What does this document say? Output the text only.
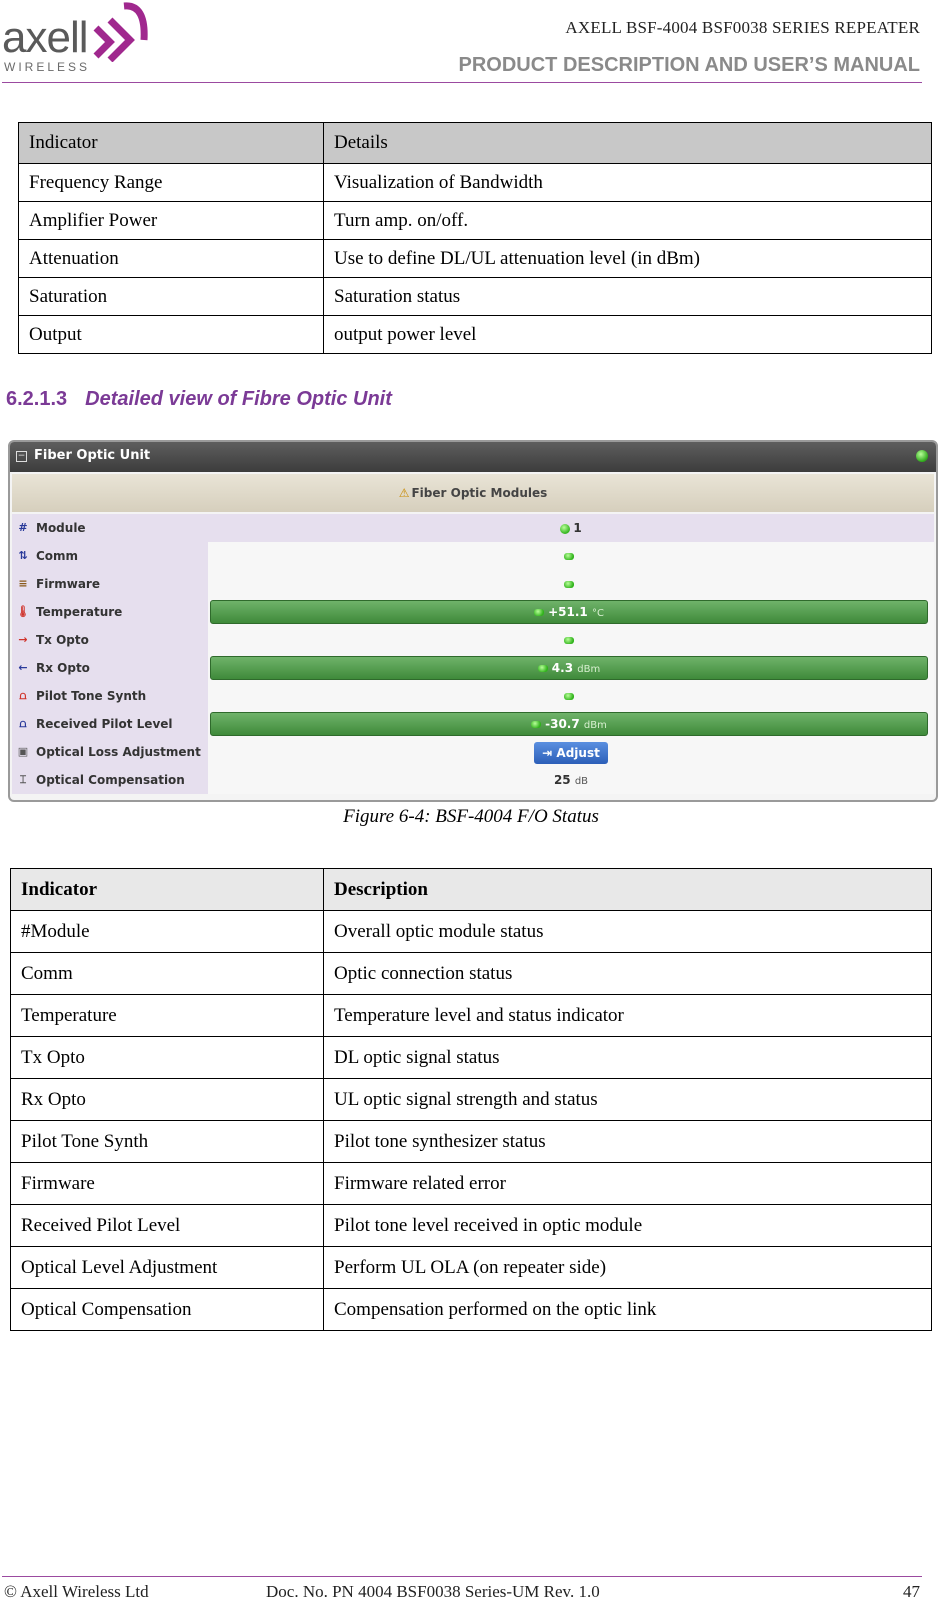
axell
WIRELESS
AXELL BSF-4004 BSF0038 SERIES REPEATER
PRODUCT DESCRIPTION AND USER’S MANUAL
Indicator	Details
Frequency Range	Visualization of Bandwidth
Amplifier Power	Turn amp. on/off.
Attenuation	Use to define DL/UL attenuation level (in dBm)
Saturation	Saturation status
Output	output power level
6.2.1.3 Detailed view of Fibre Optic Unit
− Fiber Optic Unit
⚠ Fiber Optic Modules
# Module	1
⇅ Comm
≡ Firmware
🌡 Temperature	+51.1 °C
→ Tx Opto
← Rx Opto	4.3 dBm
⩍ Pilot Tone Synth
⩍ Received Pilot Level	-30.7 dBm
▣ Optical Loss Adjustment	⇥ Adjust
⌶ Optical Compensation	25 dB
Figure 6-4: BSF-4004 F/O Status
Indicator	Description
#Module	Overall optic module status
Comm	Optic connection status
Temperature	Temperature level and status indicator
Tx Opto	DL optic signal status
Rx Opto	UL optic signal strength and status
Pilot Tone Synth	Pilot tone synthesizer status
Firmware	Firmware related error
Received Pilot Level	Pilot tone level received in optic module
Optical Level Adjustment	Perform UL OLA (on repeater side)
Optical Compensation	Compensation performed on the optic link
© Axell Wireless Ltd	Doc. No. PN 4004 BSF0038 Series-UM Rev. 1.0	47
